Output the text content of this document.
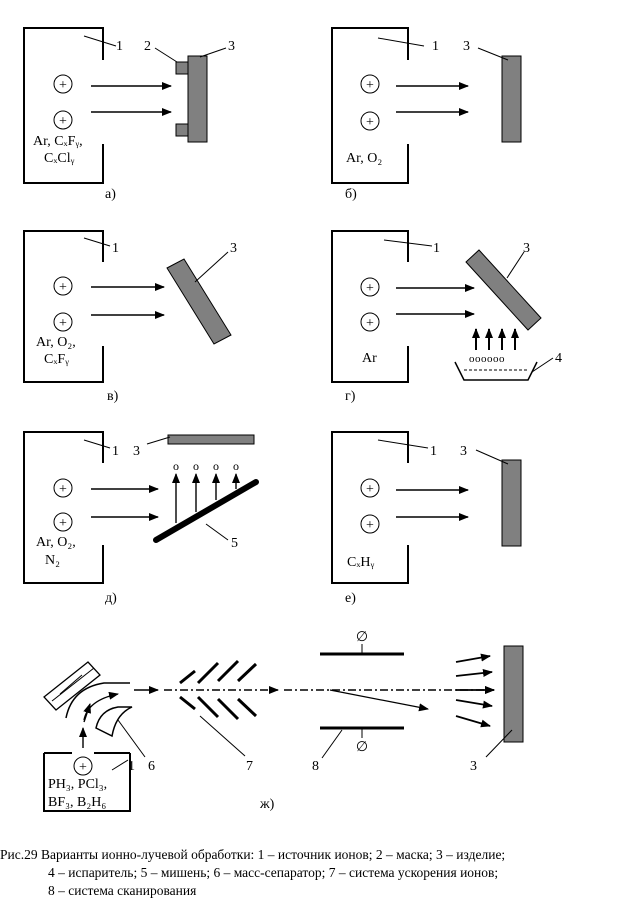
+
+
Ar, CₓFᵧ,
CₓClᵧ
1 2	3
а)
+
+
Ar, O₂
1 3
б)
+
+
Ar, O₂,
CₓFᵧ
1	3
в)
+
+
Ar	oooooo
1	3
4
г)
+
+
Ar, O₂,
N₂
o o o o
1 3
5
д)
+
+
CₓHᵧ
1 3
е)
+
PH₃, PCl₃,
BF₃, B₂H₆
6
1	7
∅
∅
8	3
ж)
Рис.29 Варианты ионно-лучевой обработки: 1 – источник ионов; 2 – маска; 3 – изделие;
4 – испаритель; 5 – мишень; 6 – масс-сепаратор; 7 – система ускорения ионов;
8 – система сканирования
